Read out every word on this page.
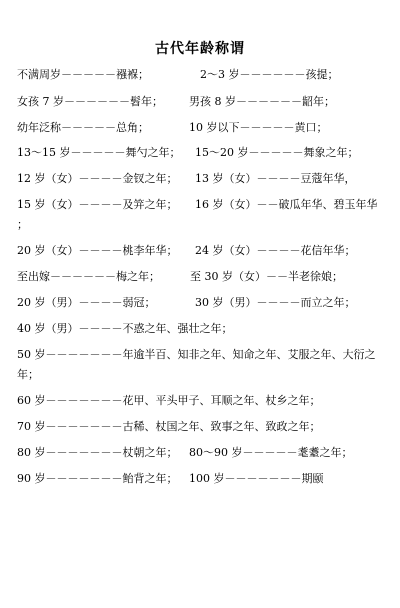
古代年龄称谓
不满周岁－－－－－襁褓；	2～3 岁－－－－－－孩提；
女孩 7 岁－－－－－－髫年； 男孩 8 岁－－－－－－龆年；
幼年泛称－－－－－总角；	10 岁以下－－－－－黄口；
13～15 岁－－－－－舞勺之年； 15～20 岁－－－－－舞象之年；
12 岁（女）－－－－金钗之年； 13 岁（女）－－－－豆蔻年华，
15 岁（女）－－－－及笄之年； 16 岁（女）－－破瓜年华、碧玉年华
；
20 岁（女）－－－－桃李年华； 24 岁（女）－－－－花信年华；
至出嫁－－－－－－梅之年；	至 30 岁（女）－－半老徐娘；
20 岁（男）－－－－弱冠；	30 岁（男）－－－－而立之年；
40 岁（男）－－－－不惑之年、强壮之年；
50 岁－－－－－－－年逾半百、知非之年、知命之年、艾服之年、大衍之
年；
60 岁－－－－－－－花甲、平头甲子、耳顺之年、杖乡之年；
70 岁－－－－－－－古稀、杖国之年、致事之年、致政之年；
80 岁－－－－－－－杖朝之年； 80～90 岁－－－－－耄耋之年；
90 岁－－－－－－－鲐背之年； 100 岁－－－－－－－期颐
